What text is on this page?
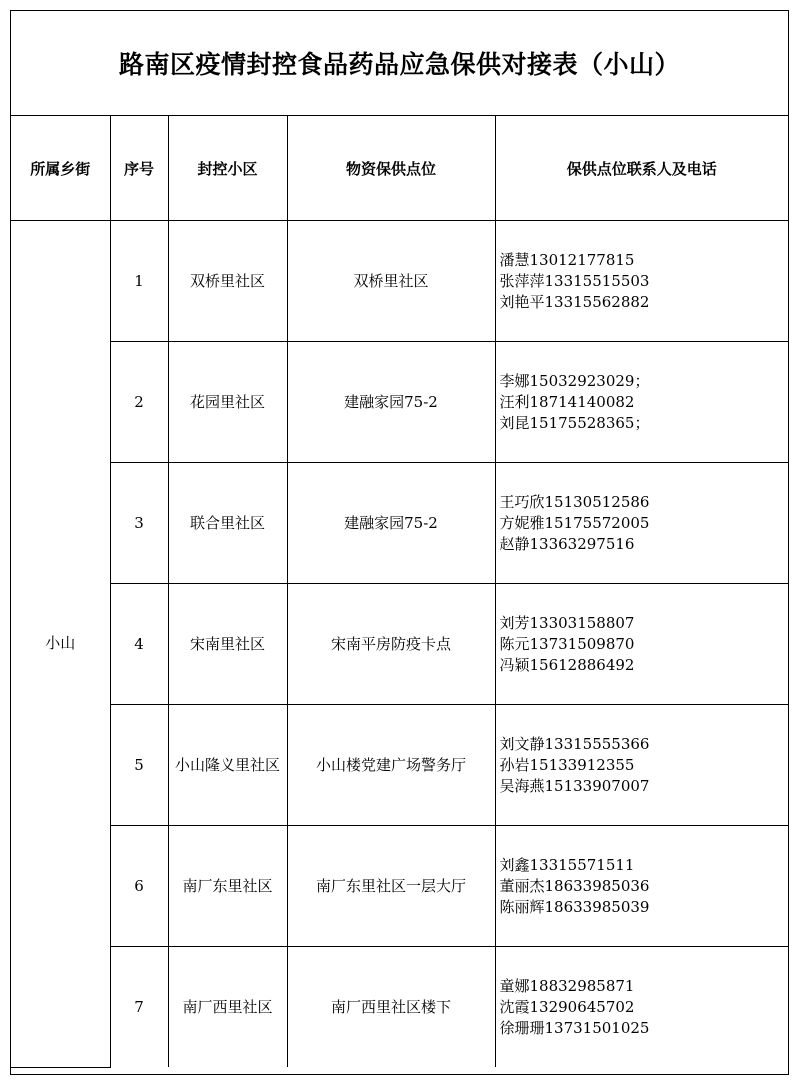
路南区疫情封控食品药品应急保供对接表（小山）
所属乡街	序号	封控小区	物资保供点位	保供点位联系人及电话
小山	1	双桥里社区	双桥里社区	潘慧13012177815
张萍萍13315515503
刘艳平13315562882

	2	花园里社区	建融家园75-2	李娜15032923029；
汪利18714140082
刘昆15175528365；

	3	联合里社区	建融家园75-2	王巧欣15130512586
方妮雅15175572005
赵静13363297516

	4	宋南里社区	宋南平房防疫卡点	刘芳13303158807
陈元13731509870
冯颖15612886492

	5	小山隆义里社区	小山楼党建广场警务厅	刘文静13315555366
孙岩15133912355
吴海燕15133907007

	6	南厂东里社区	南厂东里社区一层大厅	刘鑫13315571511
董丽杰18633985036
陈丽辉18633985039

	7	南厂西里社区	南厂西里社区楼下	童娜18832985871
沈霞13290645702
徐珊珊13731501025
